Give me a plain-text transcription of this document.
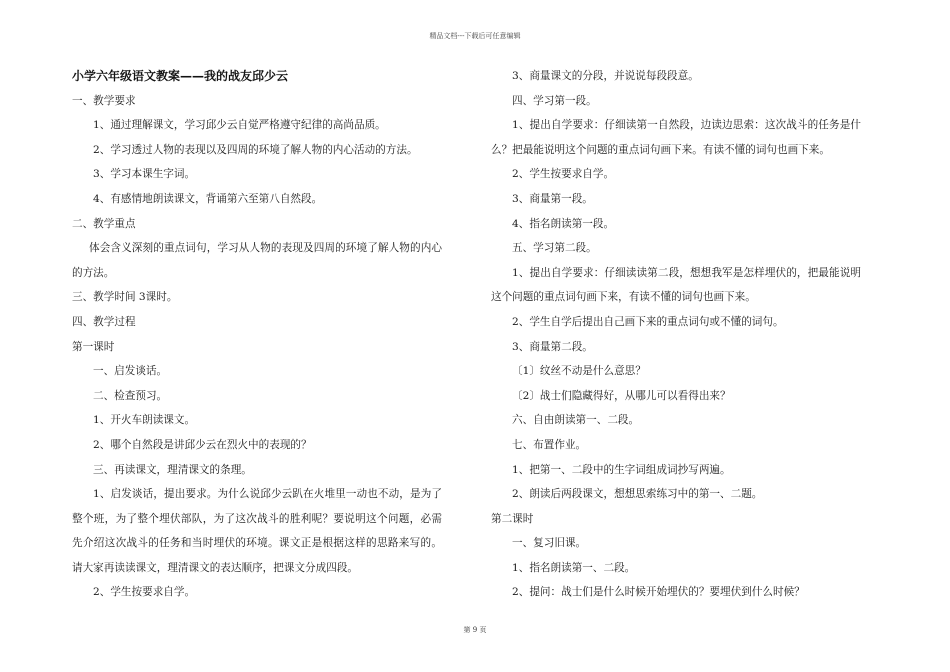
精品文档---下载后可任意编辑
小学六年级语文教案——我的战友邱少云

一、教学要求

1、通过理解课文，学习邱少云自觉严格遵守纪律的高尚品质。

2、学习透过人物的表现以及四周的环境了解人物的内心活动的方法。

3、学习本课生字词。

4、有感情地朗读课文，背诵第六至第八自然段。

二、教学重点

体会含义深刻的重点词句，学习从人物的表现及四周的环境了解人物的内心的方法。

三、教学时间 3课时。

四、教学过程

第一课时

一、启发谈话。

二、检查预习。

1、开火车朗读课文。

2、哪个自然段是讲邱少云在烈火中的表现的？

三、再读课文，理清课文的条理。

1、启发谈话，提出要求。为什么说邱少云趴在火堆里一动也不动，是为了整个班，为了整个埋伏部队，为了这次战斗的胜利呢？要说明这个问题，必需先介绍这次战斗的任务和当时埋伏的环境。课文正是根据这样的思路来写的。请大家再读读课文，理清课文的表达顺序，把课文分成四段。

2、学生按要求自学。

3、商量课文的分段，并说说每段段意。

四、学习第一段。

1、提出自学要求：仔细读第一自然段，边读边思索：这次战斗的任务是什么？把最能说明这个问题的重点词句画下来。有读不懂的词句也画下来。

2、学生按要求自学。

3、商量第一段。

4、指名朗读第一段。

五、学习第二段。

1、提出自学要求：仔细读读第二段，想想我军是怎样埋伏的，把最能说明这个问题的重点词句画下来，有读不懂的词句也画下来。

2、学生自学后提出自己画下来的重点词句或不懂的词句。

3、商量第二段。

〔1〕纹丝不动是什么意思？

〔2〕战士们隐藏得好，从哪儿可以看得出来？

六、自由朗读第一、二段。

七、布置作业。

1、把第一、二段中的生字词组成词抄写两遍。

2、朗读后两段课文，想想思索练习中的第一、二题。

第二课时

一、复习旧课。

1、指名朗读第一、二段。

2、提问：战士们是什么时候开始埋伏的？要埋伏到什么时候？

第 9 页
